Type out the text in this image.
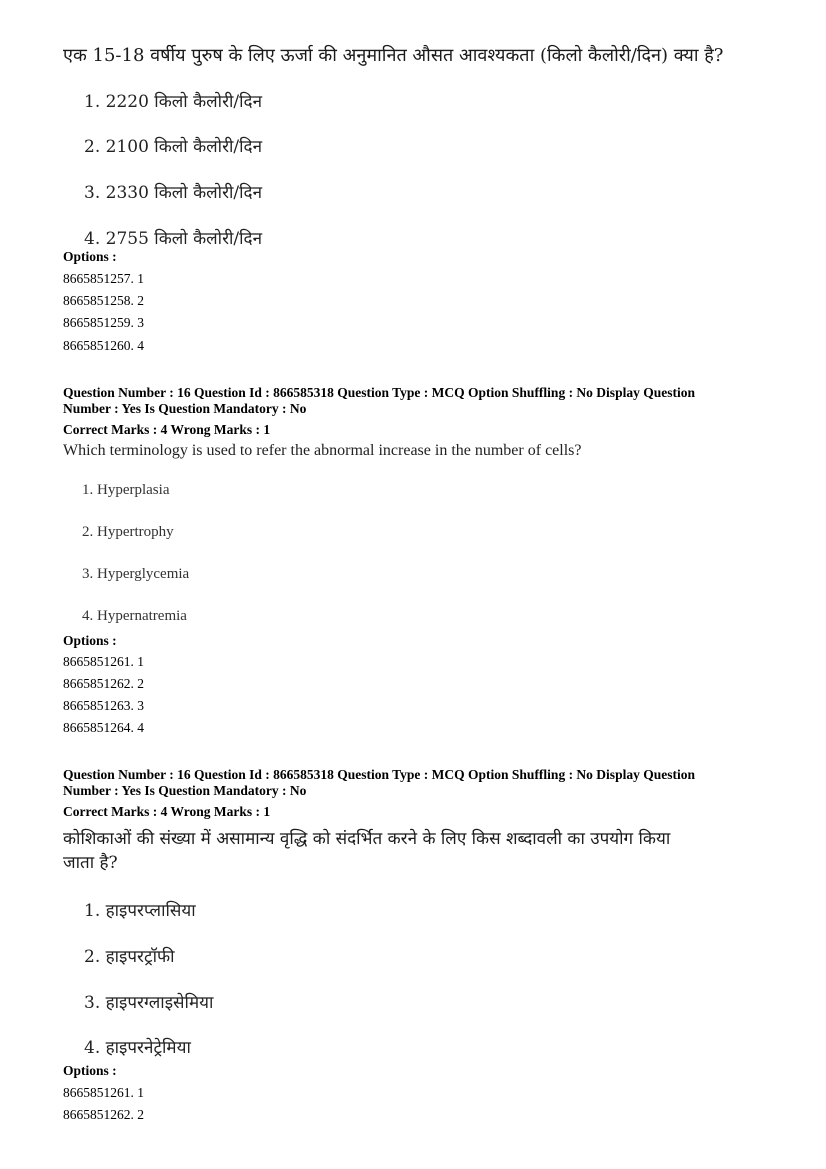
एक 15-18 वर्षीय पुरुष के लिए ऊर्जा की अनुमानित औसत आवश्यकता (किलो कैलोरी/दिन) क्या है?
1. 2220 किलो कैलोरी/दिन
2. 2100 किलो कैलोरी/दिन
3. 2330 किलो कैलोरी/दिन
4. 2755 किलो कैलोरी/दिन
Options :
8665851257. 1
8665851258. 2
8665851259. 3
8665851260. 4
Question Number : 16 Question Id : 866585318 Question Type : MCQ Option Shuffling : No Display Question
Number : Yes Is Question Mandatory : No
Correct Marks : 4 Wrong Marks : 1
Which terminology is used to refer the abnormal increase in the number of cells?
1. Hyperplasia
2. Hypertrophy
3. Hyperglycemia
4. Hypernatremia
Options :
8665851261. 1
8665851262. 2
8665851263. 3
8665851264. 4
Question Number : 16 Question Id : 866585318 Question Type : MCQ Option Shuffling : No Display Question
Number : Yes Is Question Mandatory : No
Correct Marks : 4 Wrong Marks : 1
कोशिकाओं की संख्या में असामान्य वृद्धि को संदर्भित करने के लिए किस शब्दावली का उपयोग किया
जाता है?
1. हाइपरप्लासिया
2. हाइपरट्रॉफी
3. हाइपरग्लाइसेमिया
4. हाइपरनेट्रेमिया
Options :
8665851261. 1
8665851262. 2
